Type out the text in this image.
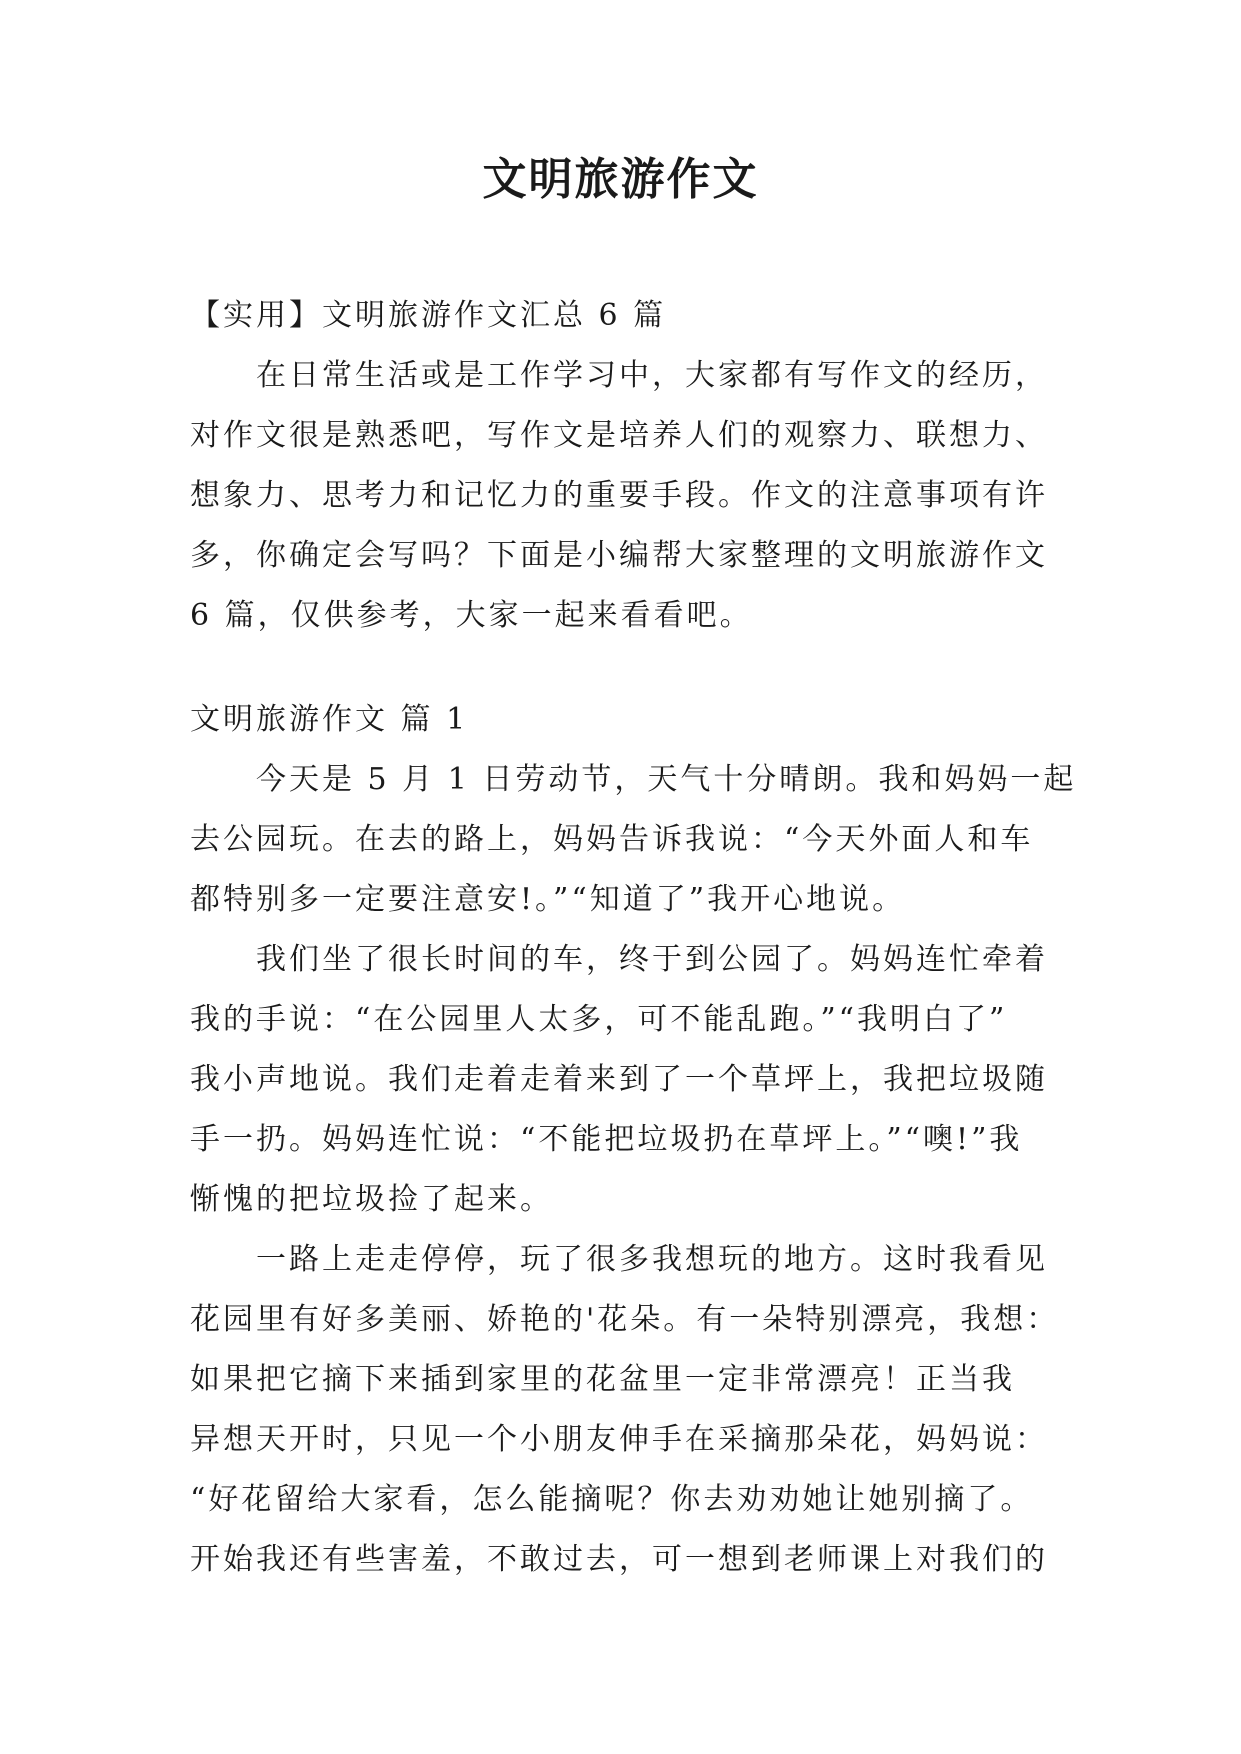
文明旅游作文
【实用】文明旅游作文汇总 6 篇
　　在日常生活或是工作学习中，大家都有写作文的经历，
对作文很是熟悉吧，写作文是培养人们的观察力、联想力、
想象力、思考力和记忆力的重要手段。作文的注意事项有许
多，你确定会写吗？下面是小编帮大家整理的文明旅游作文
6 篇，仅供参考，大家一起来看看吧。
文明旅游作文 篇 1
　　今天是 5 月 1 日劳动节，天气十分晴朗。我和妈妈一起
去公园玩。在去的路上，妈妈告诉我说：“今天外面人和车
都特别多一定要注意安!。”“知道了”我开心地说。
　　我们坐了很长时间的车，终于到公园了。妈妈连忙牵着
我的手说：“在公园里人太多，可不能乱跑。”“我明白了”
我小声地说。我们走着走着来到了一个草坪上，我把垃圾随
手一扔。妈妈连忙说：“不能把垃圾扔在草坪上。”“噢!”我
惭愧的把垃圾捡了起来。
　　一路上走走停停，玩了很多我想玩的地方。这时我看见
花园里有好多美丽、娇艳的'花朵。有一朵特别漂亮，我想：
如果把它摘下来插到家里的花盆里一定非常漂亮！正当我
异想天开时，只见一个小朋友伸手在采摘那朵花，妈妈说：
“好花留给大家看，怎么能摘呢？你去劝劝她让她别摘了。
开始我还有些害羞，不敢过去，可一想到老师课上对我们的
